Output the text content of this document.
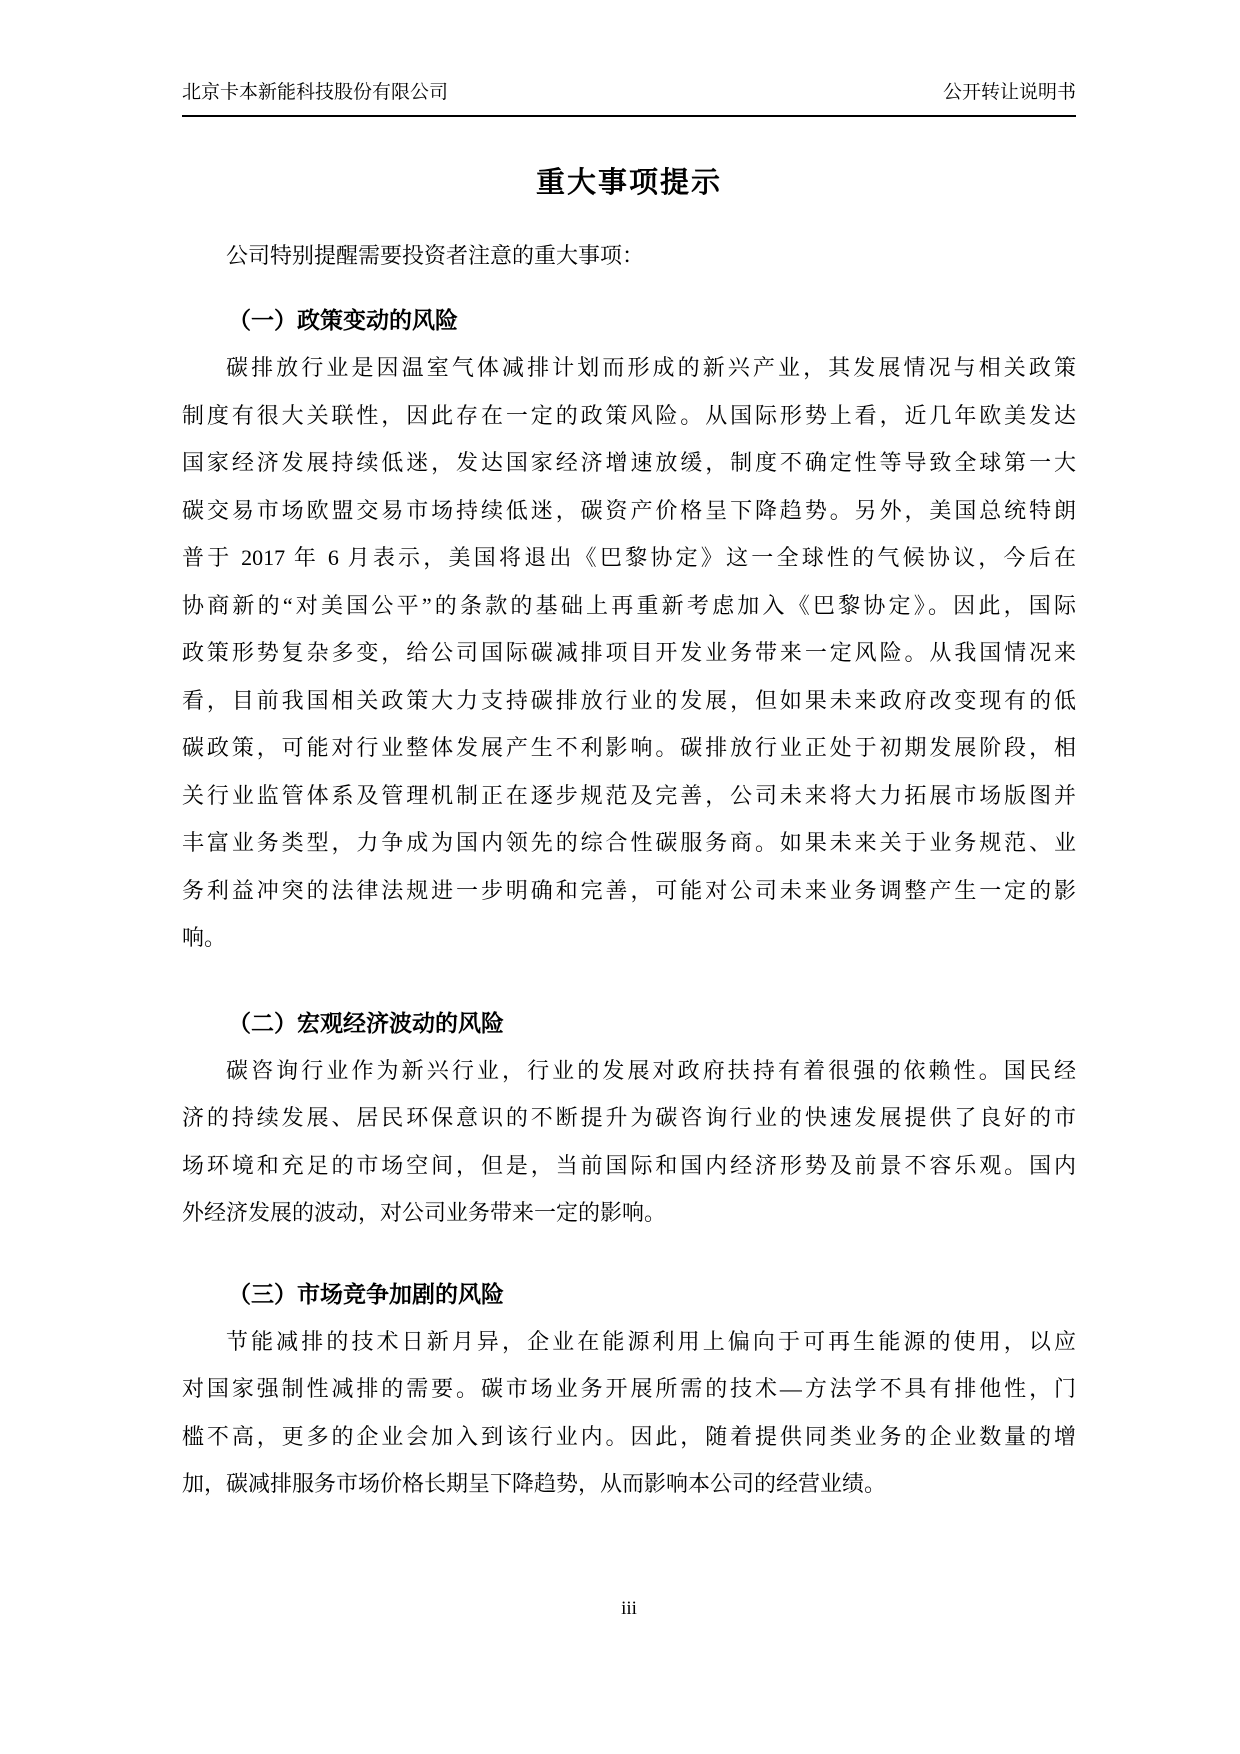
北京卡本新能科技股份有限公司	公开转让说明书
重大事项提示
公司特别提醒需要投资者注意的重大事项：
（一）政策变动的风险
碳排放行业是因温室气体减排计划而形成的新兴产业，其发展情况与相关政策
制度有很大关联性，因此存在一定的政策风险。从国际形势上看，近几年欧美发达
国家经济发展持续低迷，发达国家经济增速放缓，制度不确定性等导致全球第一大
碳交易市场欧盟交易市场持续低迷，碳资产价格呈下降趋势。另外，美国总统特朗
普于 2017 年 6 月表示，美国将退出《巴黎协定》这一全球性的气候协议，今后在
协商新的“对美国公平”的条款的基础上再重新考虑加入《巴黎协定》。因此，国际
政策形势复杂多变，给公司国际碳减排项目开发业务带来一定风险。从我国情况来
看，目前我国相关政策大力支持碳排放行业的发展，但如果未来政府改变现有的低
碳政策，可能对行业整体发展产生不利影响。碳排放行业正处于初期发展阶段，相
关行业监管体系及管理机制正在逐步规范及完善，公司未来将大力拓展市场版图并
丰富业务类型，力争成为国内领先的综合性碳服务商。如果未来关于业务规范、业
务利益冲突的法律法规进一步明确和完善，可能对公司未来业务调整产生一定的影
响。
（二）宏观经济波动的风险
碳咨询行业作为新兴行业，行业的发展对政府扶持有着很强的依赖性。国民经
济的持续发展、居民环保意识的不断提升为碳咨询行业的快速发展提供了良好的市
场环境和充足的市场空间，但是，当前国际和国内经济形势及前景不容乐观。国内
外经济发展的波动，对公司业务带来一定的影响。
（三）市场竞争加剧的风险
节能减排的技术日新月异，企业在能源利用上偏向于可再生能源的使用，以应
对国家强制性减排的需要。碳市场业务开展所需的技术—方法学不具有排他性，门
槛不高，更多的企业会加入到该行业内。因此，随着提供同类业务的企业数量的增
加，碳减排服务市场价格长期呈下降趋势，从而影响本公司的经营业绩。
iii
